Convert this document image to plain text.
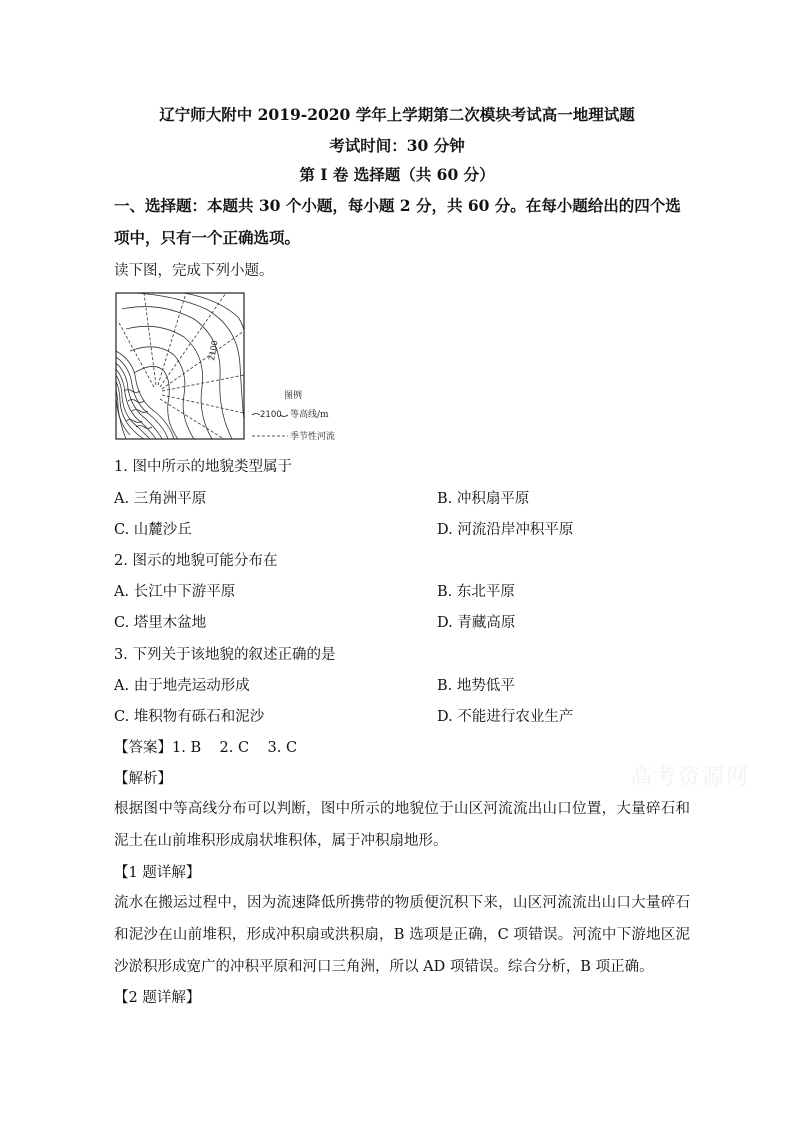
辽宁师大附中 2019-2020 学年上学期第二次模块考试高一地理试题
考试时间：30 分钟
第 Ⅰ 卷 选择题（共 60 分）
一、选择题：本题共 30 个小题，每小题 2 分，共 60 分。在每小题给出的四个选项中，只有一个正确选项。
读下图，完成下列小题。
2100
图例
2100 等高线/m
季节性河流
1. 图中所示的地貌类型属于
A. 三角洲平原	B. 冲积扇平原
C. 山麓沙丘	D. 河流沿岸冲积平原
2. 图示的地貌可能分布在
A. 长江中下游平原	B. 东北平原
C. 塔里木盆地	D. 青藏高原
3. 下列关于该地貌的叙述正确的是
A. 由于地壳运动形成	B. 地势低平
C. 堆积物有砾石和泥沙	D. 不能进行农业生产
【答案】1. B    2. C    3. C
【解析】
根据图中等高线分布可以判断，图中所示的地貌位于山区河流流出山口位置，大量碎石和泥土在山前堆积形成扇状堆积体，属于冲积扇地形。
【1 题详解】
流水在搬运过程中，因为流速降低所携带的物质便沉积下来，山区河流流出山口大量碎石和泥沙在山前堆积，形成冲积扇或洪积扇，B 选项是正确，C 项错误。河流中下游地区泥沙淤积形成宽广的冲积平原和河口三角洲，所以 AD 项错误。综合分析，B 项正确。
【2 题详解】
高考资源网
